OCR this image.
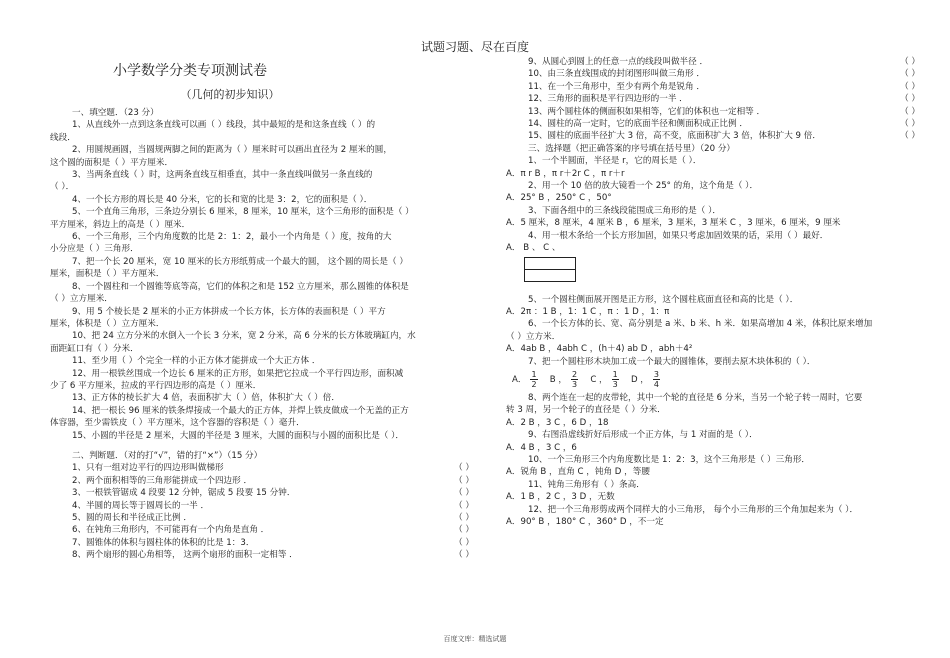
试题习题、尽在百度
小学数学分类专项测试卷
（几何的初步知识）
一、填空题．（23 分）
1、从直线外一点到这条直线可以画（ ）线段，其中最短的是和这条直线（ ）的
线段．
2、用圆规画圆，当圆规两脚之间的距离为（ ）厘米时可以画出直径为 2 厘米的圆，
这个圆的面积是（ ）平方厘米．
3、当两条直线（ ）时，这两条直线互相垂直，其中一条直线叫做另一条直线的
（ ）．
4、一个长方形的周长是 40 分米，它的长和宽的比是 3：2，它的面积是（ ）．
5、一个直角三角形，三条边分别长 6 厘米，8 厘米，10 厘米，这个三角形的面积是（ ）
平方厘米，斜边上的高是（ ）厘米．
6、一个三角形，三个内角度数的比是 2：1：2，最小一个内角是（ ）度，按角的大
小分应是（ ）三角形．
7、把一个长 20 厘米，宽 10 厘米的长方形纸剪成一个最大的圆， 这个圆的周长是（ ）
厘米，面积是（ ）平方厘米．
8、一个圆柱和一个圆锥等底等高，它们的体积之和是 152 立方厘米，那么圆锥的体积是
（ ）立方厘米．
9、用 5 个棱长是 2 厘米的小正方体拼成一个长方体，长方体的表面积是（ ）平方
厘米，体积是（ ）立方厘米．
10、把 24 立方分米的水倒入一个长 3 分米，宽 2 分米，高 6 分米的长方体玻璃缸内，水
面距缸口有（ ）分米．
11、至少用（ ）个完全一样的小正方体才能拼成一个大正方体 ．
12、用一根铁丝围成一个边长 6 厘米的正方形，如果把它拉成一个平行四边形，面积减
少了 6 平方厘米，拉成的平行四边形的高是（ ）厘米．
13、正方体的棱长扩大 4 倍，表面积扩大（ ）倍，体积扩大（ ）倍．
14、把一根长 96 厘米的铁条焊接成一个最大的正方体，并焊上铁皮做成一个无盖的正方
体容器，至少需铁皮（ ）平方厘米，这个容器的容积是（ ）毫升．
15、小圆的半径是 2 厘米，大圆的半径是 3 厘米，大圆的面积与小圆的面积比是（ ）．
二、判断题．（对的打“√”，错的打“×”）（15 分）
1、只有一组对边平行的四边形叫做梯形	（ ）
2、两个面积相等的三角形能拼成一个四边形 ．	（ ）
3、一根铁管锯成 4 段要 12 分钟，锯成 5 段要 15 分钟．	（ ）
4、半圆的周长等于圆周长的一半 ．	（ ）
5、圆的周长和半径成正比例 ．	（ ）
6、在钝角三角形内，不可能再有一个内角是直角 ．	（ ）
7、圆锥体的体积与圆柱体的体积的比是 1：3．	（ ）
8、两个扇形的圆心角相等， 这两个扇形的面积一定相等 ．	（ ）
9、从圆心到圆上的任意一点的线段叫做半径 ．	（ ）
10、由三条直线围成的封闭图形叫做三角形 ．	（ ）
11、在一个三角形中，至少有两个角是锐角 ．	（ ）
12、三角形的面积是平行四边形的一半 ．	（ ）
13、两个圆柱体的侧面积如果相等，它们的体积也一定相等 ．	（ ）
14、圆柱的高一定时，它的底面半径和侧面积成正比例 ．	（ ）
15、圆柱的底面半径扩大 3 倍，高不变，底面积扩大 3 倍，体积扩大 9 倍．	（ ）
三、选择题（把正确答案的序号填在括号里）（20 分）
1、一个半圆面，半径是 r，它的周长是（ ）．
A．π r B ，π r＋2r C ，π r＋r
2、用一个 10 倍的放大镜看一个 25° 的角，这个角是（ ）．
A．25° B ，250° C ，50°
3、下面各组中的三条线段能围成三角形的是（ ）．
A．5 厘米，8 厘米，4 厘米 B ，6 厘米，3 厘米，3 厘米 C ，3 厘米，6 厘米，9 厘米
4、用一根木条给一个长方形加固，如果只考虑加固效果的话，采用（ ）最好．
A． B 、 C 、
5、一个圆柱侧面展开图是正方形，这个圆柱底面直径和高的比是（ ）．
A．2π ：1 B ，1：1 C ，π ：1 D ，1：π
6、一个长方体的长、宽、高分别是 a 米、b 米、h 米．如果高增加 4 米，体积比原来增加
（ ）立方米．
A．4ab B ，4abh C ，(h＋4) ab D ，abh＋4²
7、把一个圆柱形木块加工成一个最大的圆锥体，要削去原木块体积的（ ）．
A． $\frac{1}{2}$ B ， $\frac{2}{3}$ C ， $\frac{1}{3}$ D ， $\frac{3}{4}$

8、两个连在一起的皮带轮，其中一个轮的直径是 6 分米，当另一个轮子转一周时，它要
转 3 周，另一个轮子的直径是（ ）分米．
A．2 B ，3 C ，6 D ，18
9、右图沿虚线折好后形成一个正方体，与 1 对面的是（ ）．
A．4 B ，3 C ，6
10、一个三角形三个内角度数比是 1：2：3，这个三角形是（ ）三角形．
A．锐角 B ，直角 C ，钝角 D ，等腰
11、钝角三角形有（ ）条高．
A．1 B ，2 C ，3 D ，无数
12、把一个三角形剪成两个同样大的小三角形， 每个小三角形的三个角加起来为（ ）．
A．90° B ，180° C ，360° D ，不一定
百度文库：精选试题
